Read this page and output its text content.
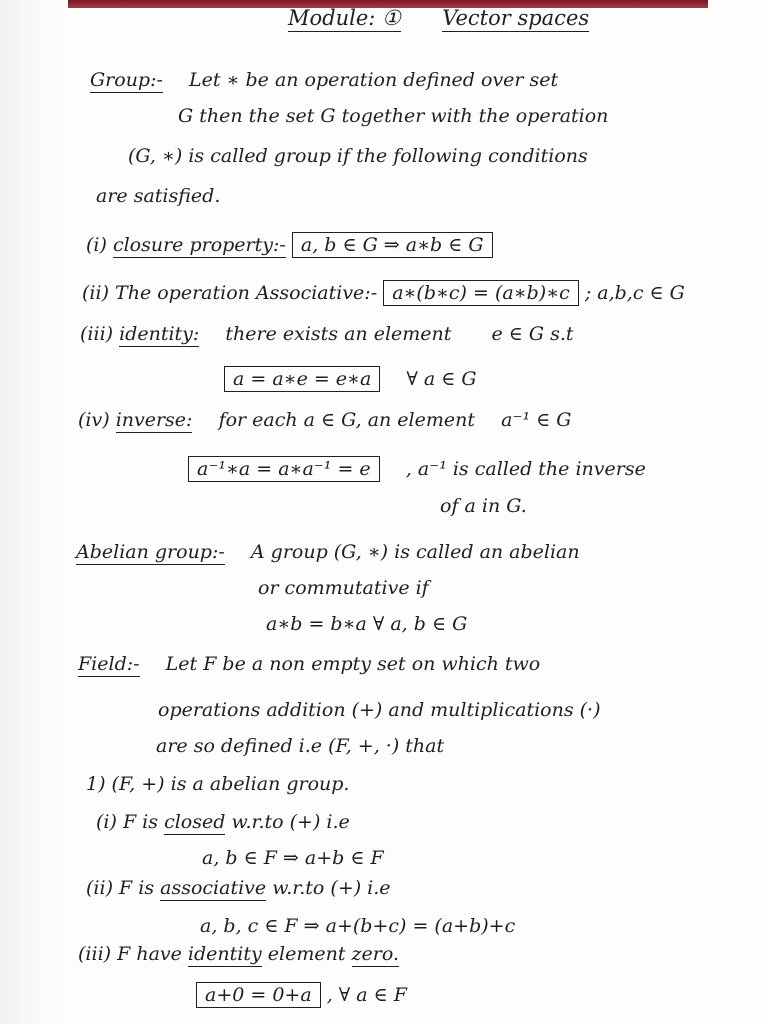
Module: ① Vector spaces
Group:- Let ∗ be an operation defined over set
G then the set G together with the operation
(G, ∗) is called group if the following conditions
are satisfied.
(i) closure property:- a, b ∈ G ⇒ a∗b ∈ G
(ii) The operation Associative:- a∗(b∗c) = (a∗b)∗c ; a,b,c ∈ G
(iii) identity: there exists an element e ∈ G s.t
a = a∗e = e∗a ∀ a ∈ G
(iv) inverse: for each a ∈ G, an element a⁻¹ ∈ G
a⁻¹∗a = a∗a⁻¹ = e , a⁻¹ is called the inverse
of a in G.
Abelian group:- A group (G, ∗) is called an abelian
or commutative if
a∗b = b∗a ∀ a, b ∈ G
Field:- Let F be a non empty set on which two
operations addition (+) and multiplications (·)
are so defined i.e (F, +, ·) that
1) (F, +) is a abelian group.
(i) F is closed w.r.to (+) i.e
a, b ∈ F ⇒ a+b ∈ F
(ii) F is associative w.r.to (+) i.e
a, b, c ∈ F ⇒ a+(b+c) = (a+b)+c
(iii) F have identity element zero.
a+0 = 0+a , ∀ a ∈ F
